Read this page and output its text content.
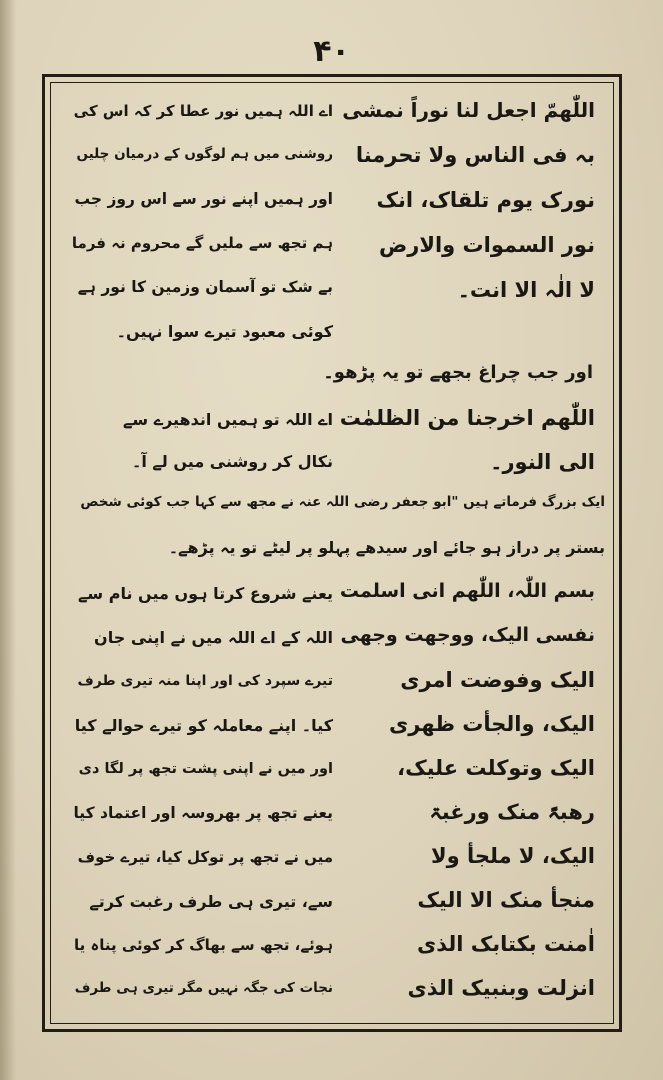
۴۰
اللّٰھمّ اجعل لنا نوراً نمشی
بہ فی الناس ولا تحرمنا
نورک یوم تلقاک، انک
نور السموات والارض
لا الٰہ الا انت۔
اے اللہ ہمیں نور عطا کر کہ اس کی
روشنی میں ہم لوگوں کے درمیان چلیں
اور ہمیں اپنے نور سے اس روز جب
ہم تجھ سے ملیں گے محروم نہ فرما
بے شک تو آسمان وزمین کا نور ہے
کوئی معبود تیرے سوا نہیں۔
اور جب چراغ بجھے تو یہ پڑھو۔
اللّٰھم اخرجنا من الظلمٰت
الی النور۔
اے اللہ تو ہمیں اندھیرے سے
نکال کر روشنی میں لے آ۔
ایک بزرگ فرماتے ہیں "ابو جعفر رضی اللہ عنہ نے مجھ سے کہا جب کوئی شخص
بستر پر دراز ہو جائے اور سیدھے پہلو پر لیٹے تو یہ پڑھے۔
بسم اللّٰہ، اللّٰھم انی اسلمت
نفسی الیک، ووجھت وجھی
الیک وفوضت امری
الیک، والجأت ظھری
الیک وتوکلت علیک،
رھبۃً منک ورغبۃ
الیک، لا ملجأ ولا
منجأ منک الا الیک
اٰمنت بکتابک الذی
انزلت وبنبیک الذی
یعنے شروع کرتا ہوں میں نام سے
اللہ کے اے اللہ میں نے اپنی جان
تیرے سپرد کی اور اپنا منہ تیری طرف
کیا۔ اپنے معاملہ کو تیرے حوالے کیا
اور میں نے اپنی پشت تجھ پر لگا دی
یعنے تجھ پر بھروسہ اور اعتماد کیا
میں نے تجھ پر توکل کیا، تیرے خوف
سے، تیری ہی طرف رغبت کرتے
ہوئے، تجھ سے بھاگ کر کوئی پناہ یا
نجات کی جگہ نہیں مگر تیری ہی طرف
